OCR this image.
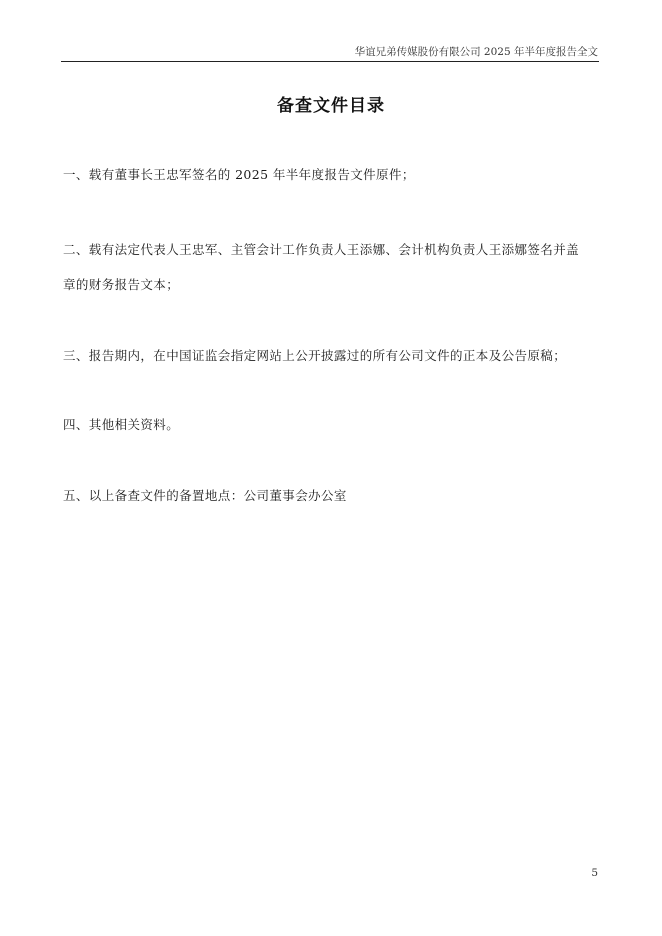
华谊兄弟传媒股份有限公司 2025 年半年度报告全文
备查文件目录
一、载有董事长王忠军签名的 2025 年半年度报告文件原件；
二、载有法定代表人王忠军、主管会计工作负责人王添娜、会计机构负责人王添娜签名并盖
章的财务报告文本；
三、报告期内，在中国证监会指定网站上公开披露过的所有公司文件的正本及公告原稿；
四、其他相关资料。
五、以上备查文件的备置地点：公司董事会办公室
5
